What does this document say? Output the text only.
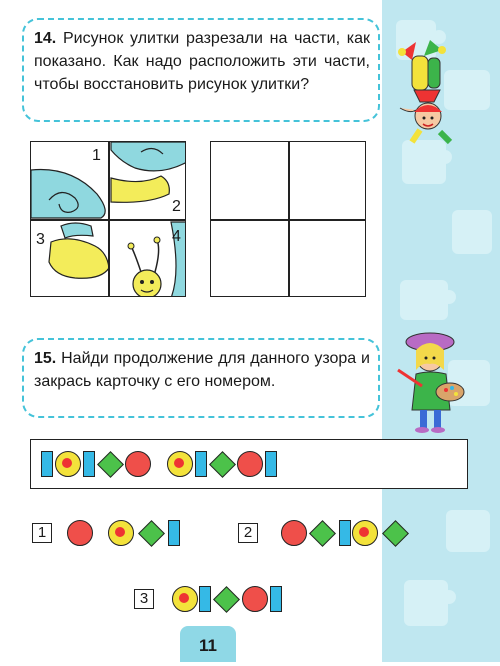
14. Рисунок улитки разрезали на части, как показано. Как надо расположить эти части, чтобы восстановить рисунок улитки?
1
2
3	4
15. Найди продолжение для данного узора и закрась карточку с его номером.
1	2
3
11
